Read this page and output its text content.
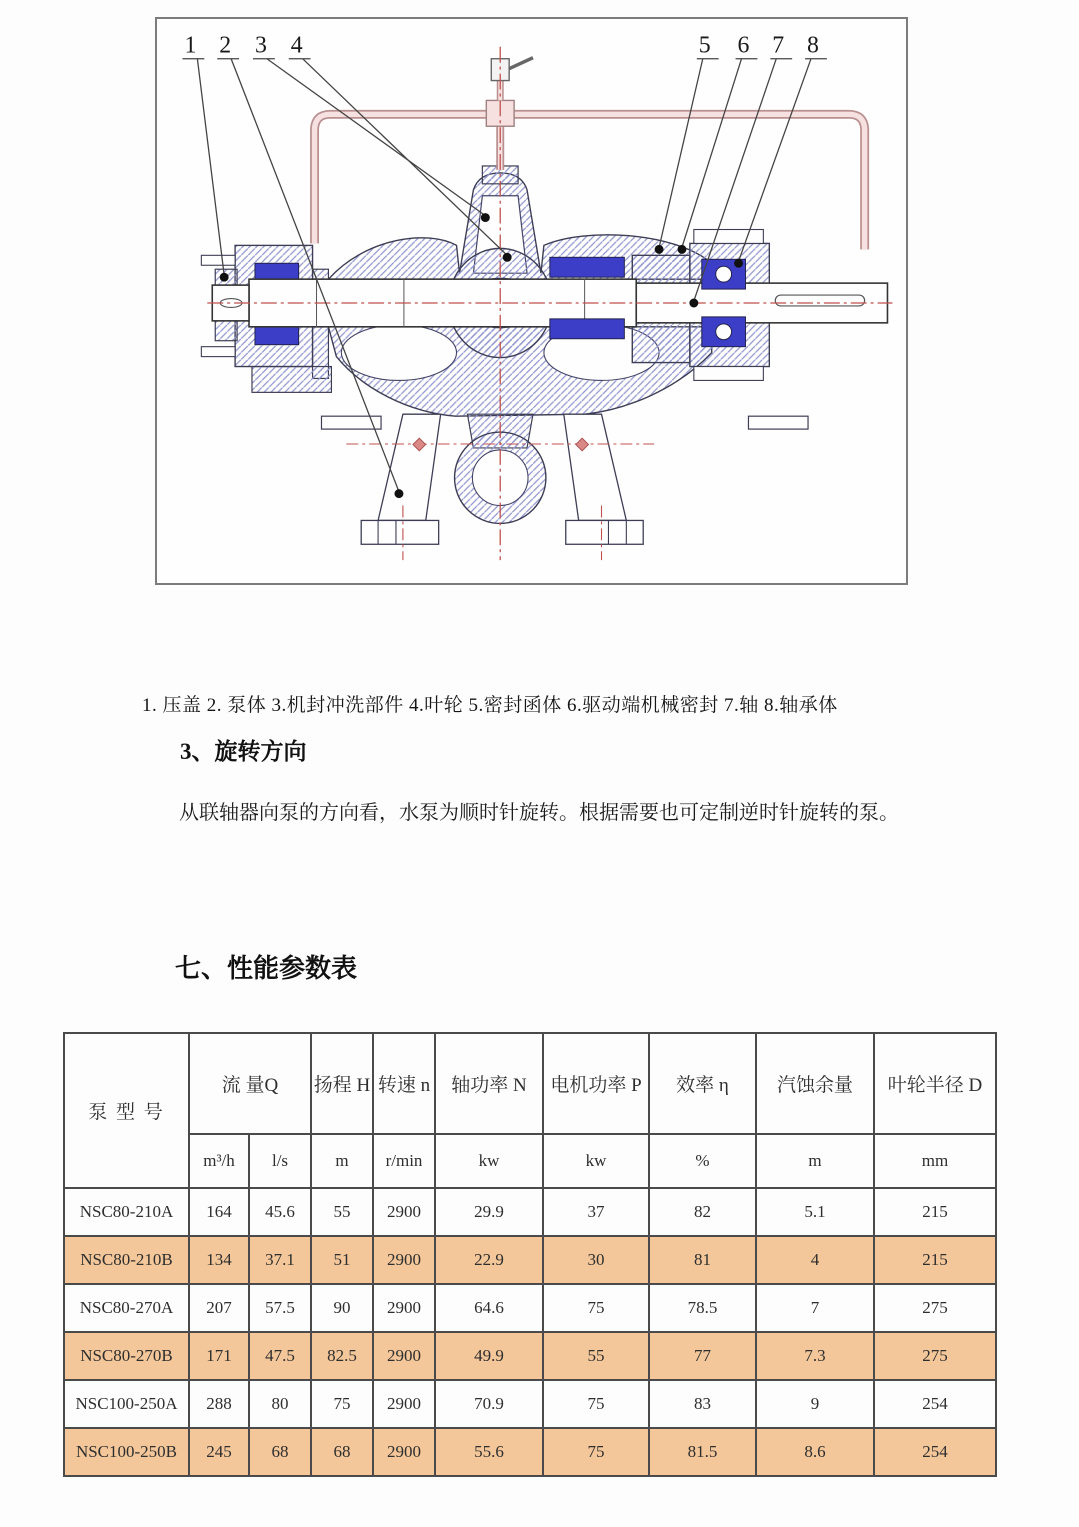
1 2 3 4	5 6 7 8
1. 压盖 2. 泵体 3.机封冲洗部件 4.叶轮 5.密封函体 6.驱动端机械密封 7.轴 8.轴承体
3、旋转方向

从联轴器向泵的方向看，水泵为顺时针旋转。根据需要也可定制逆时针旋转的泵。

七、性能参数表
泵 型 号	流 量Q		扬程 H	转速 n	轴功率 N	电机功率 P	效率 η	汽蚀余量	叶轮半径 D
	m³/h	l/s	m	r/min	kw	kw	%	m	mm
NSC80-210A	164	45.6	55	2900	29.9	37	82	5.1	215
NSC80-210B	134	37.1	51	2900	22.9	30	81	4	215
NSC80-270A	207	57.5	90	2900	64.6	75	78.5	7	275
NSC80-270B	171	47.5	82.5	2900	49.9	55	77	7.3	275
NSC100-250A	288	80	75	2900	70.9	75	83	9	254
NSC100-250B	245	68	68	2900	55.6	75	81.5	8.6	254
